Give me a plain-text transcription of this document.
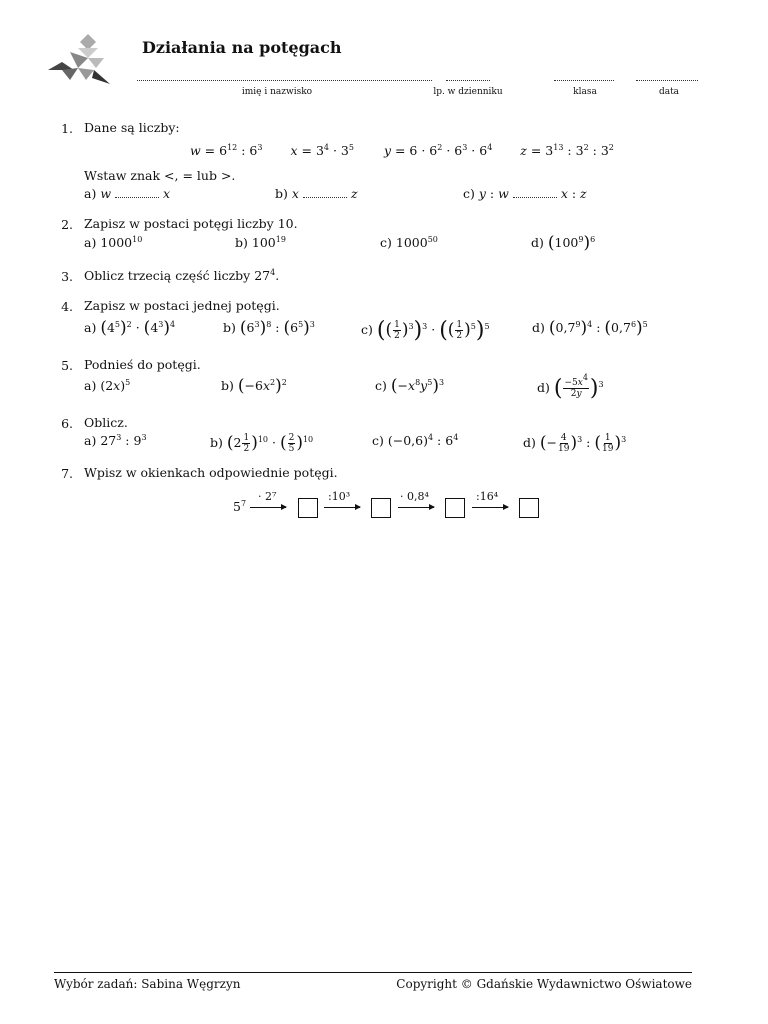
Działania na potęgach
imię i nazwisko	lp. w dzienniku	klasa	data
1. Dane są liczby:
$w = 6^{12}$ : $6^3$ $x = 3^4 \cdot 3^5$ $y = 6 \cdot 6^2 \cdot 6^3 \cdot 6^4$ $z = 3^{13}$ : $3^2$ : $3^2$
Wstaw znak <, = lub >.
a) w	x	b) x	z	c) y : w	x : z
2. Zapisz w postaci potęgi liczby 10.
a) 1000$^{10}$	b) $100^{19}$	c) 1000$^{50}$	d) $(100^9)^6$
3. Oblicz trzecią część liczby $27^4$.
4. Zapisz w postaci jednej potęgi.
a) $(4^5)^2 \cdot (4^3)^4$	b) $(6^3)^8$ : $(6^5)^3$	c) (( $\frac{1}{2} )^3)^3$ · (( $\frac{1}{2} )^5)^5$	d) $(0,7^9)^4$ : $(0,7^6)^5$
5. Podnieś do potęgi.
a) $(2x)^5$	b) $(-6x^2)^2$	c) $(-x^8y^5)^3$	d) ( $\frac{-5x^4}{2y} )^3$
6. Oblicz.
a) $27^3$ : $9^3$	b) $(2 \frac{1}{2} )^{10}$ · ( $\frac{2}{5} )^{10}$	c) $(-0,6)^4$ : $6^4$	d) (− $\frac{4}{19} )^3$ : ( $\frac{1}{19} )^3$
7. Wpisz w okienkach odpowiednie potęgi.
$5^7$
· 2⁷	:10³	· 0,8⁴	:16⁴
Wybór zadań: Sabina Węgrzyn	Copyright © Gdańskie Wydawnictwo Oświatowe
